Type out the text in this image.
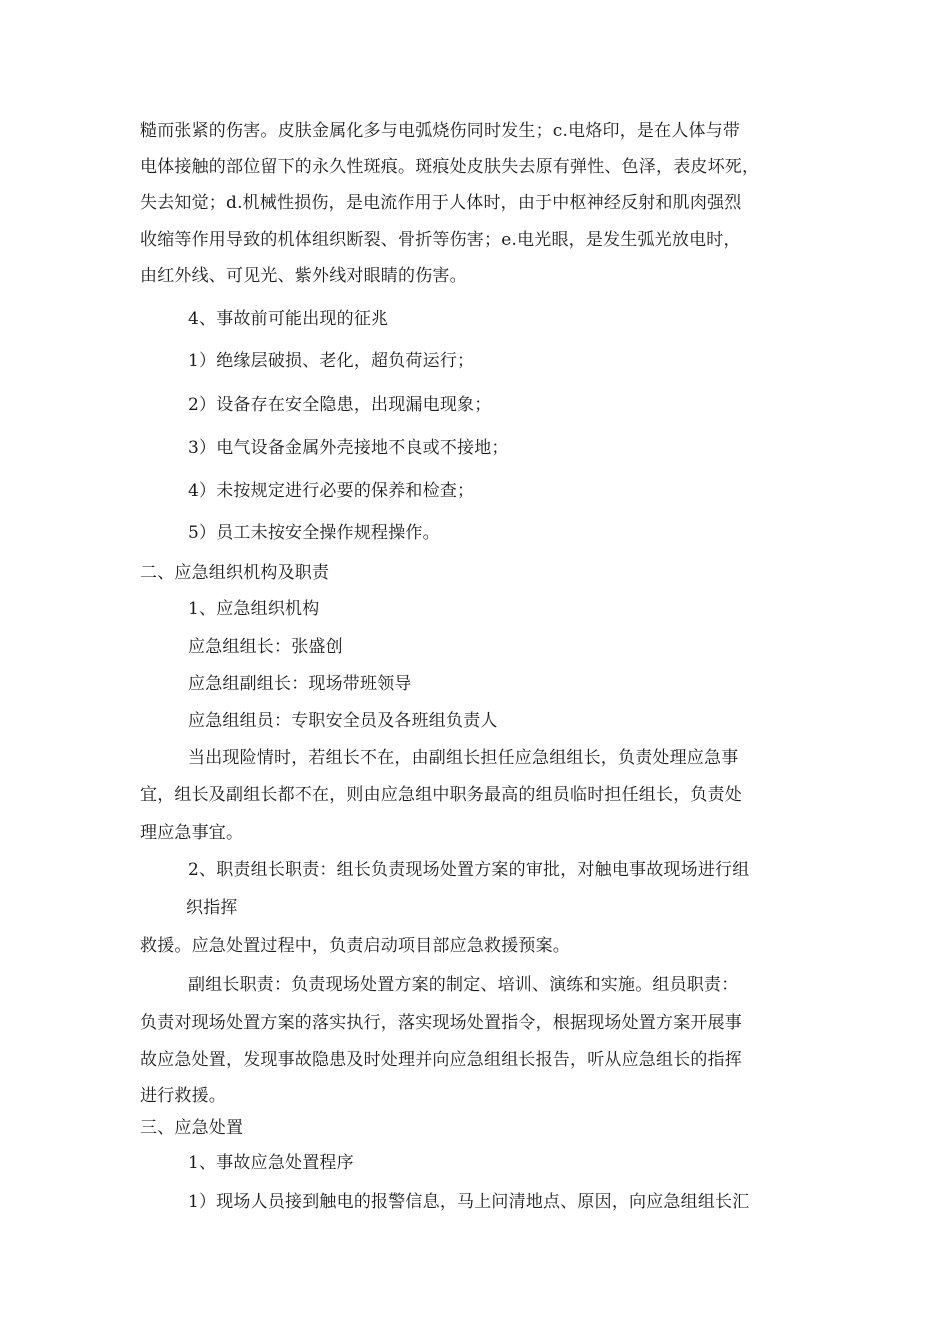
糙而张紧的伤害。皮肤金属化多与电弧烧伤同时发生；c.电烙印，是在人体与带
电体接触的部位留下的永久性斑痕。斑痕处皮肤失去原有弹性、色泽，表皮坏死，
失去知觉；d.机械性损伤，是电流作用于人体时，由于中枢神经反射和肌肉强烈
收缩等作用导致的机体组织断裂、骨折等伤害；e.电光眼，是发生弧光放电时，
由红外线、可见光、紫外线对眼睛的伤害。
4、事故前可能出现的征兆
1）绝缘层破损、老化，超负荷运行；
2）设备存在安全隐患，出现漏电现象；
3）电气设备金属外壳接地不良或不接地；
4）未按规定进行必要的保养和检查；
5）员工未按安全操作规程操作。
二、应急组织机构及职责
1、应急组织机构
应急组组长：张盛创
应急组副组长：现场带班领导
应急组组员：专职安全员及各班组负责人
当出现险情时，若组长不在，由副组长担任应急组组长，负责处理应急事
宜，组长及副组长都不在，则由应急组中职务最高的组员临时担任组长，负责处
理应急事宜。
2、职责组长职责：组长负责现场处置方案的审批，对触电事故现场进行组
织指挥
救援。应急处置过程中，负责启动项目部应急救援预案。
副组长职责：负责现场处置方案的制定、培训、演练和实施。组员职责：
负责对现场处置方案的落实执行，落实现场处置指令，根据现场处置方案开展事
故应急处置，发现事故隐患及时处理并向应急组组长报告，听从应急组长的指挥
进行救援。
三、应急处置
1、事故应急处置程序
1）现场人员接到触电的报警信息，马上问清地点、原因，向应急组组长汇
